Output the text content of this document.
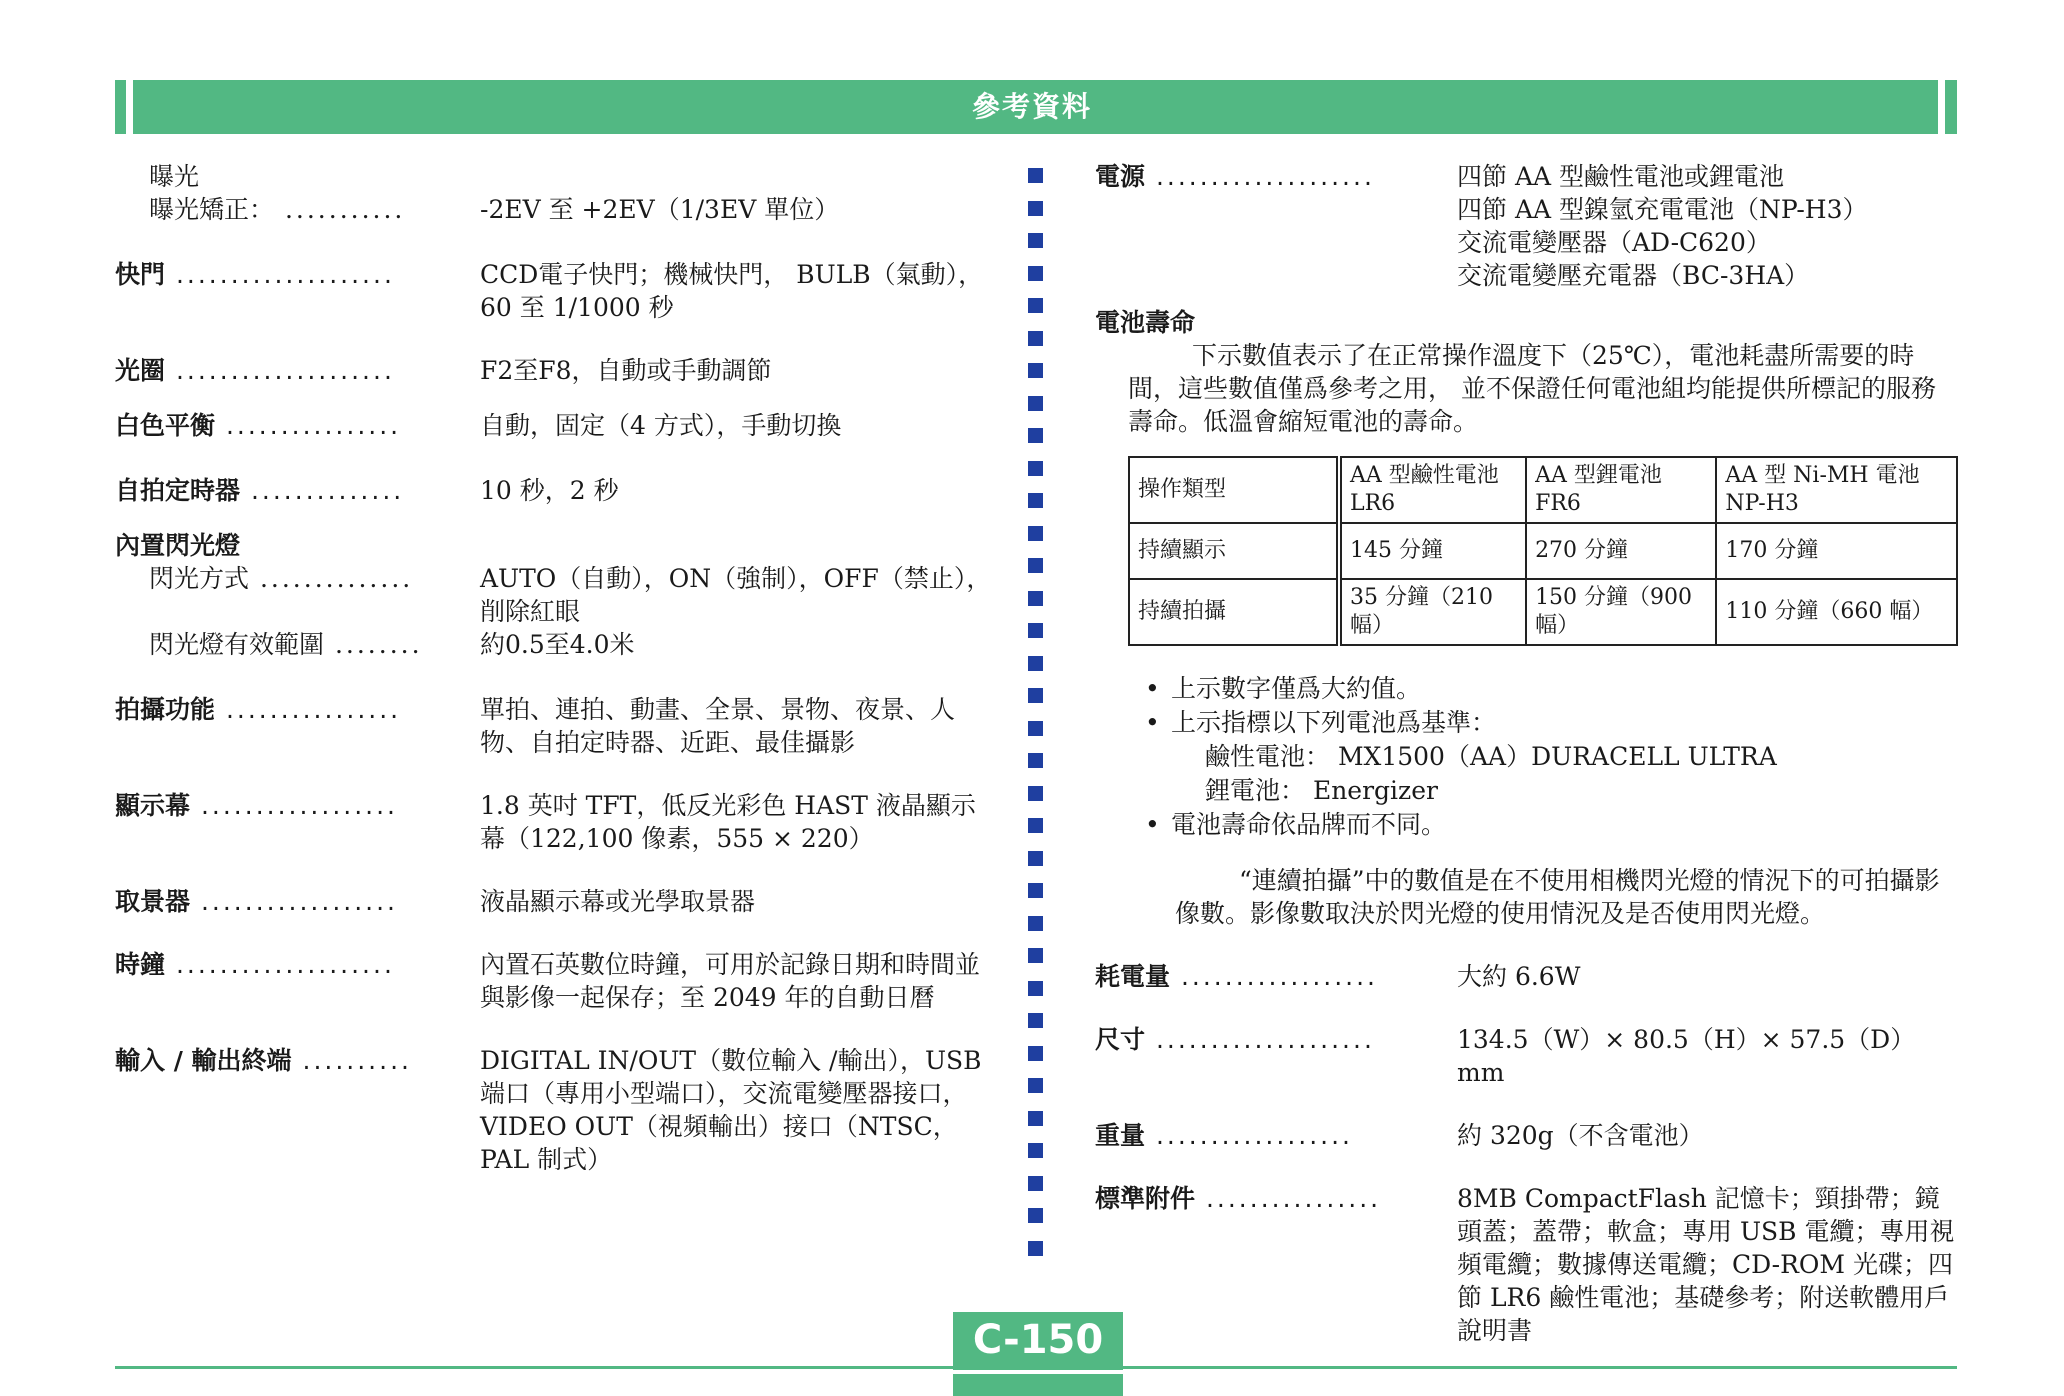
參考資料
曝光
曝光矯正： ...........	-2EV 至 +2EV（1/3EV 單位）
快門 ....................	CCD電子快門；機械快門， BULB（氣動），60 至 1/1000 秒
光圈 ....................	F2至F8，自動或手動調節
白色平衡 ................	自動，固定（4 方式），手動切換
自拍定時器 ..............	10 秒，2 秒
內置閃光燈
閃光方式 ..............	AUTO（自動），ON（強制），OFF（禁止），削除紅眼
閃光燈有效範圍 ........ 約0.5至4.0米
拍攝功能 ................	單拍、連拍、動畫、全景、景物、夜景、人物、自拍定時器、近距、最佳攝影
顯示幕 ..................	1.8 英吋 TFT，低反光彩色 HAST 液晶顯示幕（122,100 像素，555 × 220）
取景器 ..................	液晶顯示幕或光學取景器
時鐘 ....................	內置石英數位時鐘，可用於記錄日期和時間並與影像一起保存；至 2049 年的自動日曆
輸入 / 輸出終端 ..........	DIGITAL IN/OUT（數位輸入 /輸出），USB 端口（專用小型端口），交流電變壓器接口，VIDEO OUT（視頻輸出）接口（NTSC，PAL 制式）
電源 ....................	四節 AA 型鹼性電池或鋰電池
四節 AA 型鎳氫充電電池（NP-H3）
交流電變壓器（AD-C620）
交流電變壓充電器（BC-3HA）
電池壽命
下示數值表示了在正常操作溫度下（25℃），電池耗盡所需要的時間，這些數值僅爲參考之用， 並不保證任何電池組均能提供所標記的服務壽命。低溫會縮短電池的壽命。
操作類型	AA 型鹼性電池 LR6	AA 型鋰電池 FR6	AA 型 Ni-MH 電池 NP-H3
持續顯示	145 分鐘	270 分鐘	170 分鐘
持續拍攝	35 分鐘（210 幅）	150 分鐘（900 幅）	110 分鐘（660 幅）
• 上示數字僅爲大約值。
• 上示指標以下列電池爲基準：
鹼性電池： MX1500（AA）DURACELL ULTRA
鋰電池： Energizer
• 電池壽命依品牌而不同。
“連續拍攝”中的數值是在不使用相機閃光燈的情況下的可拍攝影像數。影像數取決於閃光燈的使用情況及是否使用閃光燈。
耗電量 ..................	大約 6.6W
尺寸 ....................	134.5（W）× 80.5（H）× 57.5（D）mm
重量 ..................	約 320g（不含電池）
標準附件 ................	8MB CompactFlash 記憶卡；頸掛帶；鏡頭蓋；蓋帶；軟盒；專用 USB 電纜；專用視頻電纜；數據傳送電纜；CD-ROM 光碟；四節 LR6 鹼性電池；基礎參考；附送軟體用戶說明書
C-150
